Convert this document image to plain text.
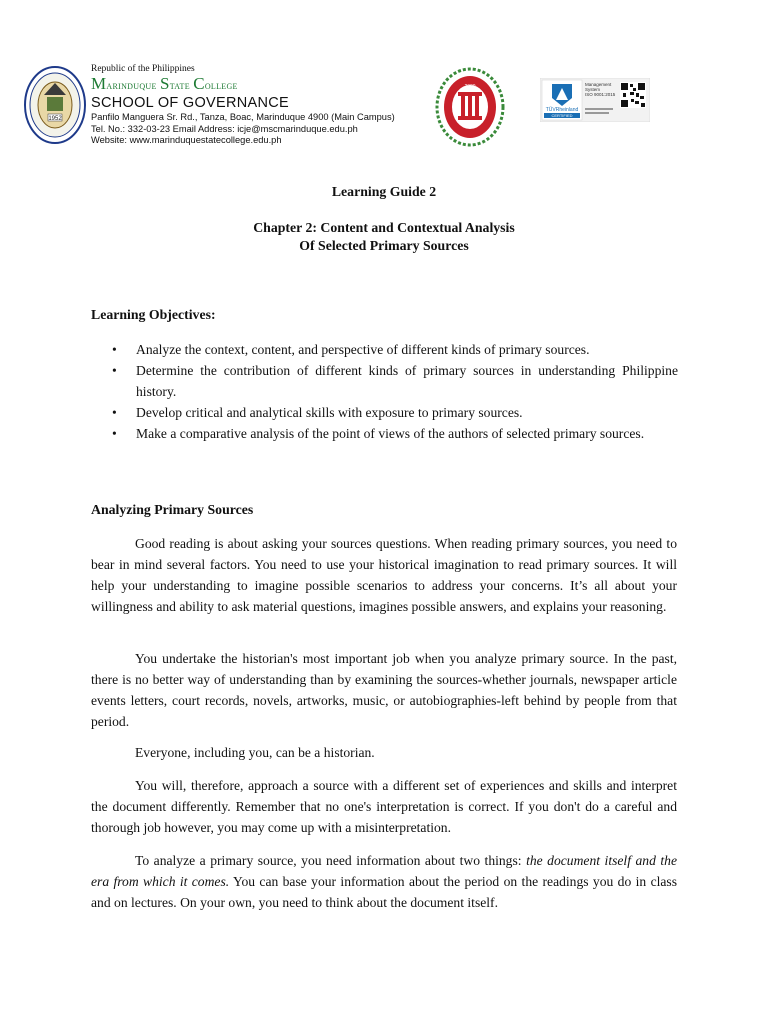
1952
Republic of the Philippines
Marinduque State College
SCHOOL OF GOVERNANCE
Panfilo Manguera Sr. Rd., Tanza, Boac, Marinduque 4900 (Main Campus)
Tel. No.: 332-03-23 Email Address: icje@mscmarinduque.edu.ph
Website: www.marinduquestatecollege.edu.ph
2020
TÜVRheinland
CERTIFIED
Management
System
ISO 9001:2015
Learning Guide 2
Chapter 2: Content and Contextual Analysis
Of Selected Primary Sources
Learning Objectives:
• Analyze the context, content, and perspective of different kinds of primary sources.
• Determine the contribution of different kinds of primary sources in understanding Philippine history.
• Develop critical and analytical skills with exposure to primary sources.
• Make a comparative analysis of the point of views of the authors of selected primary sources.
Analyzing Primary Sources

Good reading is about asking your sources questions. When reading primary sources, you need to bear in mind several factors. You need to use your historical imagination to read primary sources. It will help your understanding to imagine possible scenarios to address your concerns. It’s all about your willingness and ability to ask material questions, imagines possible answers, and explains your reasoning.

You undertake the historian's most important job when you analyze primary source. In the past, there is no better way of understanding than by examining the sources-whether journals, newspaper article events letters, court records, novels, artworks, music, or autobiographies-left behind by people from that period.

Everyone, including you, can be a historian.

You will, therefore, approach a source with a different set of experiences and skills and interpret the document differently. Remember that no one's interpretation is correct. If you don't do a careful and thorough job however, you may come up with a misinterpretation.

To analyze a primary source, you need information about two things: the document itself and the era from which it comes. You can base your information about the period on the readings you do in class and on lectures. On your own, you need to think about the document itself.
